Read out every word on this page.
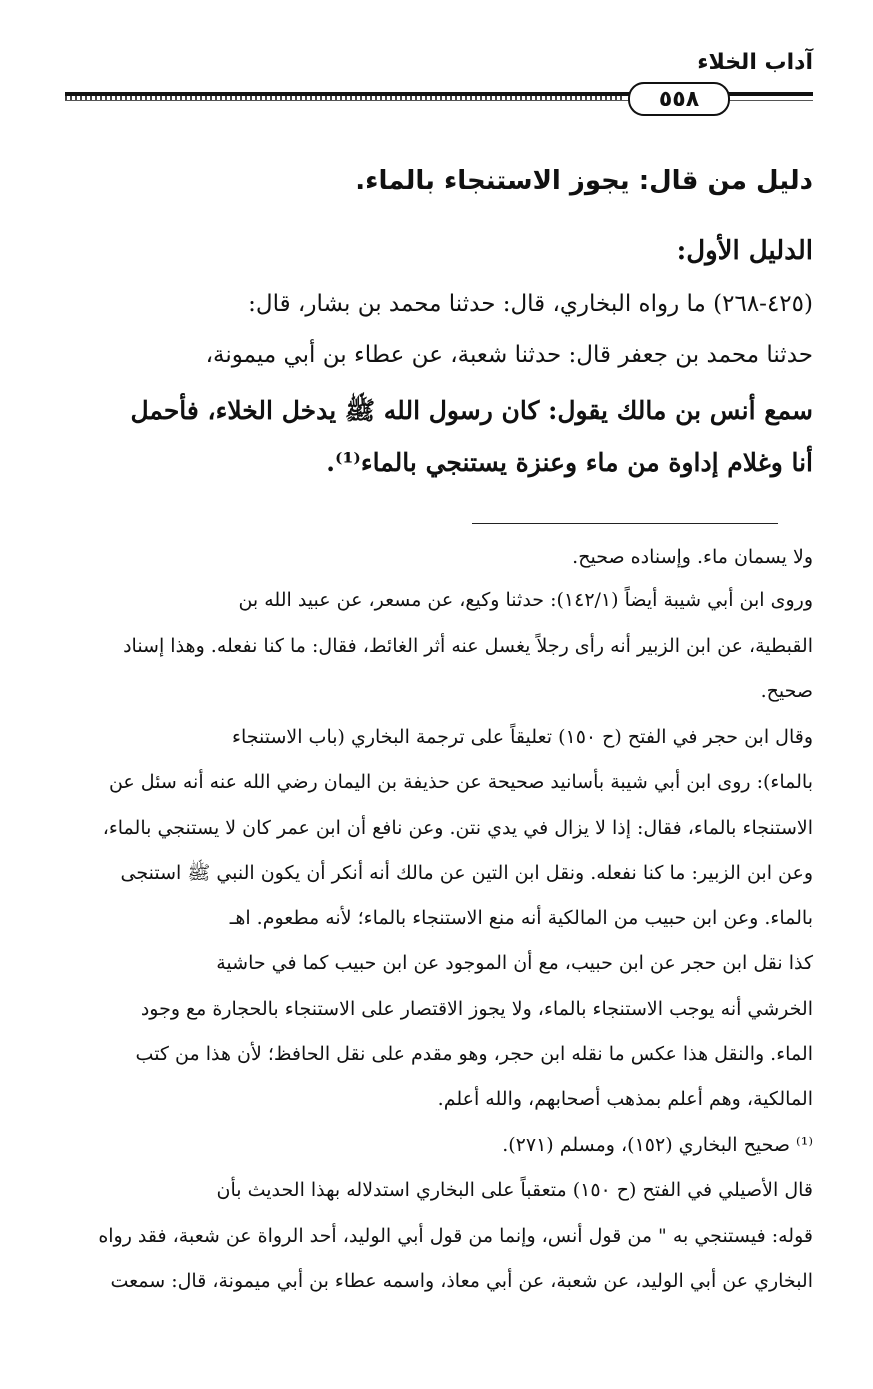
آداب الخلاء
٥٥٨
دليل من قال: يجوز الاستنجاء بالماء.
الدليل الأول:
(٤٢٥-٢٦٨) ما رواه البخاري، قال: حدثنا محمد بن بشار، قال:
حدثنا محمد بن جعفر قال: حدثنا شعبة، عن عطاء بن أبي ميمونة،
سمع أنس بن مالك يقول: كان رسول الله ﷺ يدخل الخلاء، فأحمل
أنا وغلام إداوة من ماء وعنزة يستنجي بالماء⁽¹⁾.
ولا يسمان ماء. وإسناده صحيح.
وروى ابن أبي شيبة أيضاً (١٤٢/١): حدثنا وكيع، عن مسعر، عن عبيد الله بن
القبطية، عن ابن الزبير أنه رأى رجلاً يغسل عنه أثر الغائط، فقال: ما كنا نفعله. وهذا إسناد
صحيح.
وقال ابن حجر في الفتح (ح ١٥٠) تعليقاً على ترجمة البخاري (باب الاستنجاء
بالماء): روى ابن أبي شيبة بأسانيد صحيحة عن حذيفة بن اليمان رضي الله عنه أنه سئل عن
الاستنجاء بالماء، فقال: إذا لا يزال في يدي نتن. وعن نافع أن ابن عمر كان لا يستنجي بالماء،
وعن ابن الزبير: ما كنا نفعله. ونقل ابن التين عن مالك أنه أنكر أن يكون النبي ﷺ استنجى
بالماء. وعن ابن حبيب من المالكية أنه منع الاستنجاء بالماء؛ لأنه مطعوم. اهـ
كذا نقل ابن حجر عن ابن حبيب، مع أن الموجود عن ابن حبيب كما في حاشية
الخرشي أنه يوجب الاستنجاء بالماء، ولا يجوز الاقتصار على الاستنجاء بالحجارة مع وجود
الماء. والنقل هذا عكس ما نقله ابن حجر، وهو مقدم على نقل الحافظ؛ لأن هذا من كتب
المالكية، وهم أعلم بمذهب أصحابهم، والله أعلم.
⁽¹⁾ صحيح البخاري (١٥٢)، ومسلم (٢٧١).
قال الأصيلي في الفتح (ح ١٥٠) متعقباً على البخاري استدلاله بهذا الحديث بأن
قوله: فيستنجي به " من قول أنس، وإنما من قول أبي الوليد، أحد الرواة عن شعبة، فقد رواه
البخاري عن أبي الوليد، عن شعبة، عن أبي معاذ، واسمه عطاء بن أبي ميمونة، قال: سمعت
